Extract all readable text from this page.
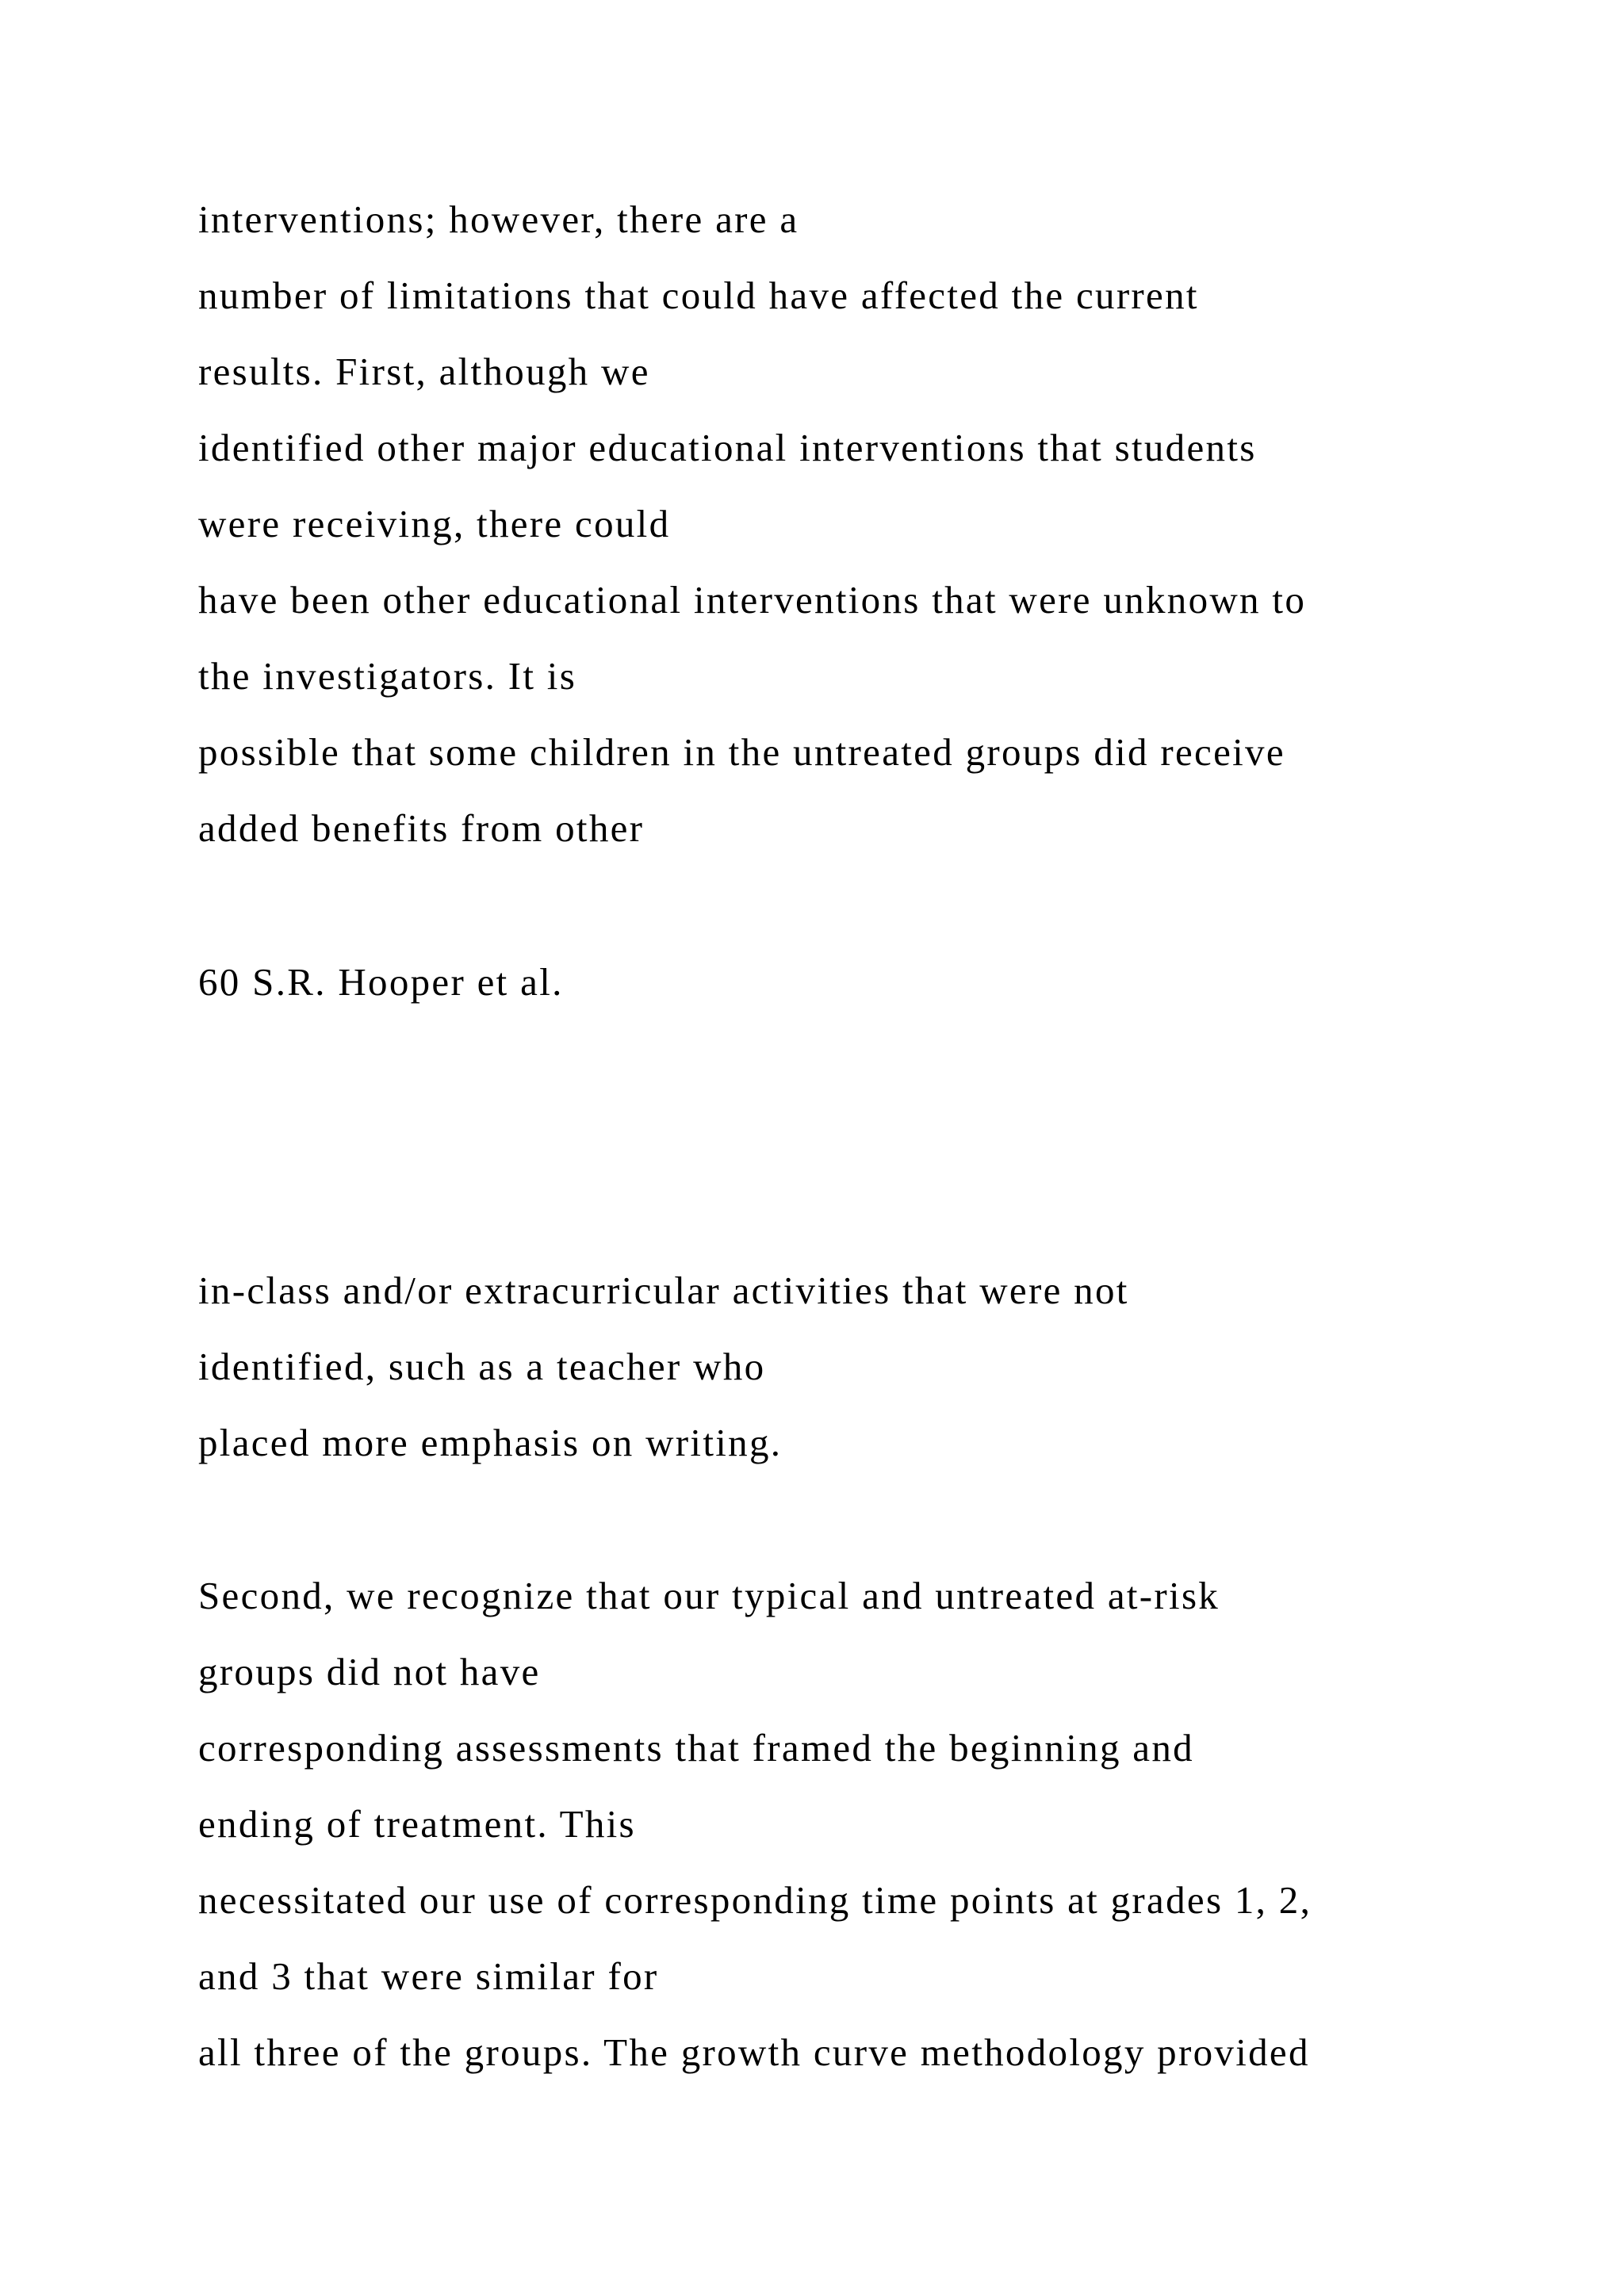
interventions; however, there are a

number of limitations that could have affected the current

results. First, although we

identified other major educational interventions that students

were receiving, there could

have been other educational interventions that were unknown to

the investigators. It is

possible that some children in the untreated groups did receive

added benefits from other

60 S.R. Hooper et al.

in-class and/or extracurricular activities that were not

identified, such as a teacher who

placed more emphasis on writing.

Second, we recognize that our typical and untreated at-risk

groups did not have

corresponding assessments that framed the beginning and

ending of treatment. This

necessitated our use of corresponding time points at grades 1, 2,

and 3 that were similar for

all three of the groups. The growth curve methodology provided
